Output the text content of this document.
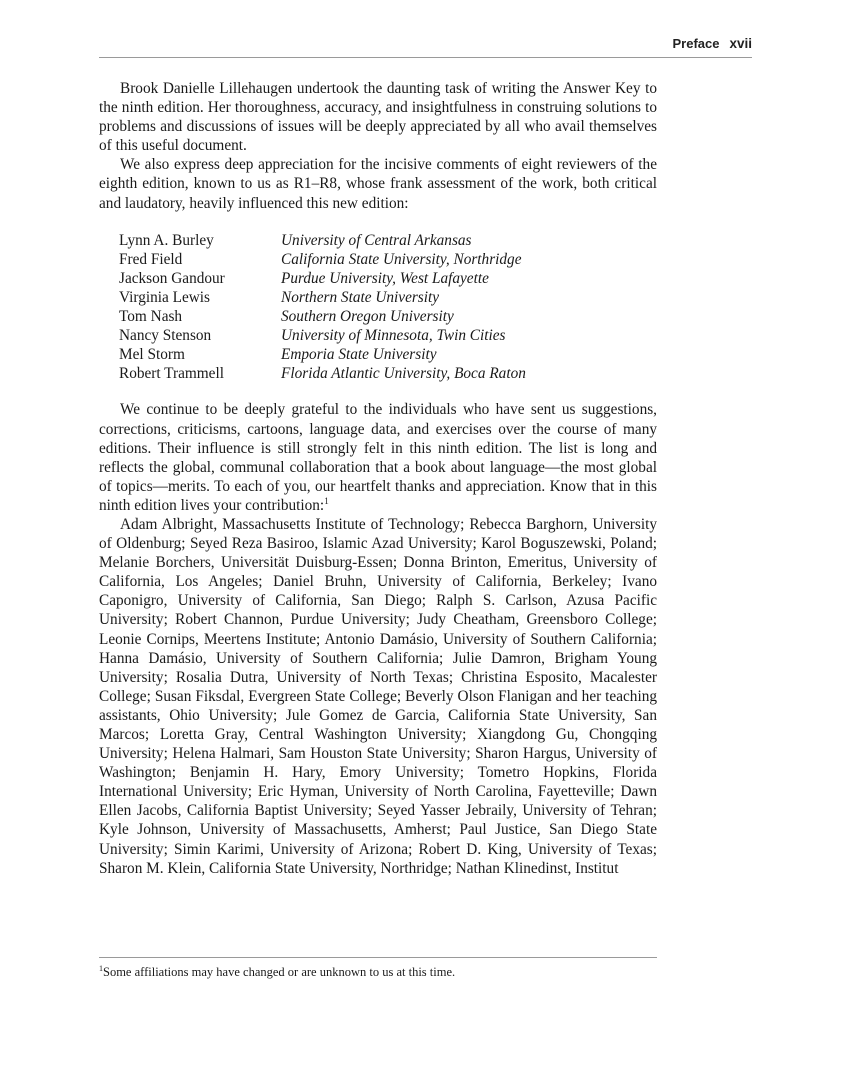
Preface xvii

Brook Danielle Lillehaugen undertook the daunting task of writing the Answer Key to the ninth edition. Her thoroughness, accuracy, and insightfulness in construing solutions to problems and discussions of issues will be deeply appreciated by all who avail themselves of this useful document.

We also express deep appreciation for the incisive comments of eight reviewers of the eighth edition, known to us as R1–R8, whose frank assessment of the work, both critical and laudatory, heavily influenced this new edition:

Lynn A. Burley	University of Central Arkansas
Fred Field	California State University, Northridge
Jackson Gandour	Purdue University, West Lafayette
Virginia Lewis	Northern State University
Tom Nash	Southern Oregon University
Nancy Stenson	University of Minnesota, Twin Cities
Mel Storm	Emporia State University
Robert Trammell	Florida Atlantic University, Boca Raton

We continue to be deeply grateful to the individuals who have sent us suggestions, corrections, criticisms, cartoons, language data, and exercises over the course of many editions. Their influence is still strongly felt in this ninth edition. The list is long and reflects the global, communal collaboration that a book about language—the most global of topics—merits. To each of you, our heartfelt thanks and appreciation. Know that in this ninth edition lives your contribution:$^1$

Adam Albright, Massachusetts Institute of Technology; Rebecca Barghorn, University of Oldenburg; Seyed Reza Basiroo, Islamic Azad University; Karol Boguszewski, Poland; Melanie Borchers, Universität Duisburg-Essen; Donna Brinton, Emeritus, University of California, Los Angeles; Daniel Bruhn, University of California, Berkeley; Ivano Caponigro, University of California, San Diego; Ralph S. Carlson, Azusa Pacific University; Robert Channon, Purdue University; Judy Cheatham, Greensboro College; Leonie Cornips, Meertens Institute; Antonio Damásio, University of Southern California; Hanna Damásio, University of Southern California; Julie Damron, Brigham Young University; Rosalia Dutra, University of North Texas; Christina Esposito, Macalester College; Susan Fiksdal, Evergreen State College; Beverly Olson Flanigan and her teaching assistants, Ohio University; Jule Gomez de Garcia, California State University, San Marcos; Loretta Gray, Central Washington University; Xiangdong Gu, Chongqing University; Helena Halmari, Sam Houston State University; Sharon Hargus, University of Washington; Benjamin H. Hary, Emory University; Tometro Hopkins, Florida International University; Eric Hyman, University of North Carolina, Fayetteville; Dawn Ellen Jacobs, California Baptist University; Seyed Yasser Jebraily, University of Tehran; Kyle Johnson, University of Massachusetts, Amherst; Paul Justice, San Diego State University; Simin Karimi, University of Arizona; Robert D. King, University of Texas; Sharon M. Klein, California State University, Northridge; Nathan Klinedinst, Institut

$^1$Some affiliations may have changed or are unknown to us at this time.
